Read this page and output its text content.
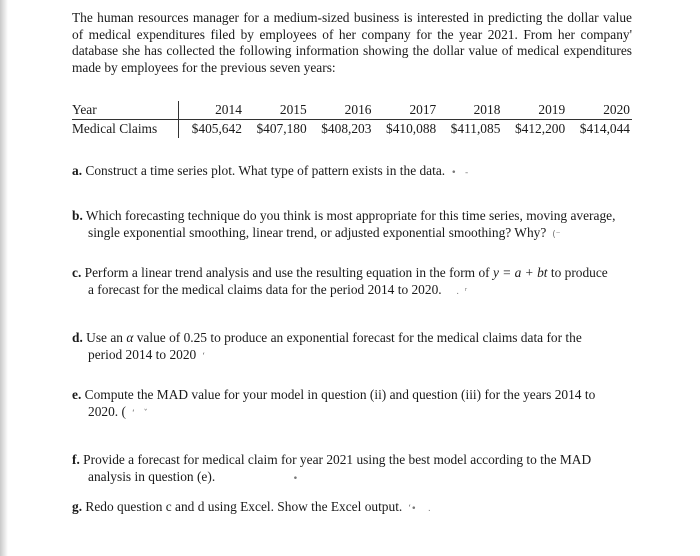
The human resources manager for a medium-sized business is interested in predicting the dollar value of medical expenditures filed by employees of her company for the year 2021. From her company' database she has collected the following information showing the dollar value of medical expenditures made by employees for the previous seven years:

Year	2014	2015	2016	2017	2018	2019	2020
Medical Claims	$405,642	$407,180	$408,203	$410,088	$411,085	$412,200	$414,044

a. Construct a time series plot. What type of pattern exists in the data. •   -

b. Which forecasting technique do you think is most appropriate for this time series, moving average,
single exponential smoothing, linear trend, or adjusted exponential smoothing? Why? (⁻

c. Perform a linear trend analysis and use the resulting equation in the form of y = a + bt to produce
a forecast for the medical claims data for the period 2014 to 2020.   .  ʳ

d. Use an α value of 0.25 to produce an exponential forecast for the medical claims data for the
period 2014 to 2020 ʻ

e. Compute the MAD value for your model in question (ii) and question (iii) for the years 2014 to
2020. ( ʻ   ˇ

f. Provide a forecast for medical claim for year 2021 using the best model according to the MAD
analysis in question (e).                         •

g. Redo question c and d using Excel. Show the Excel output. ʻ•    .
